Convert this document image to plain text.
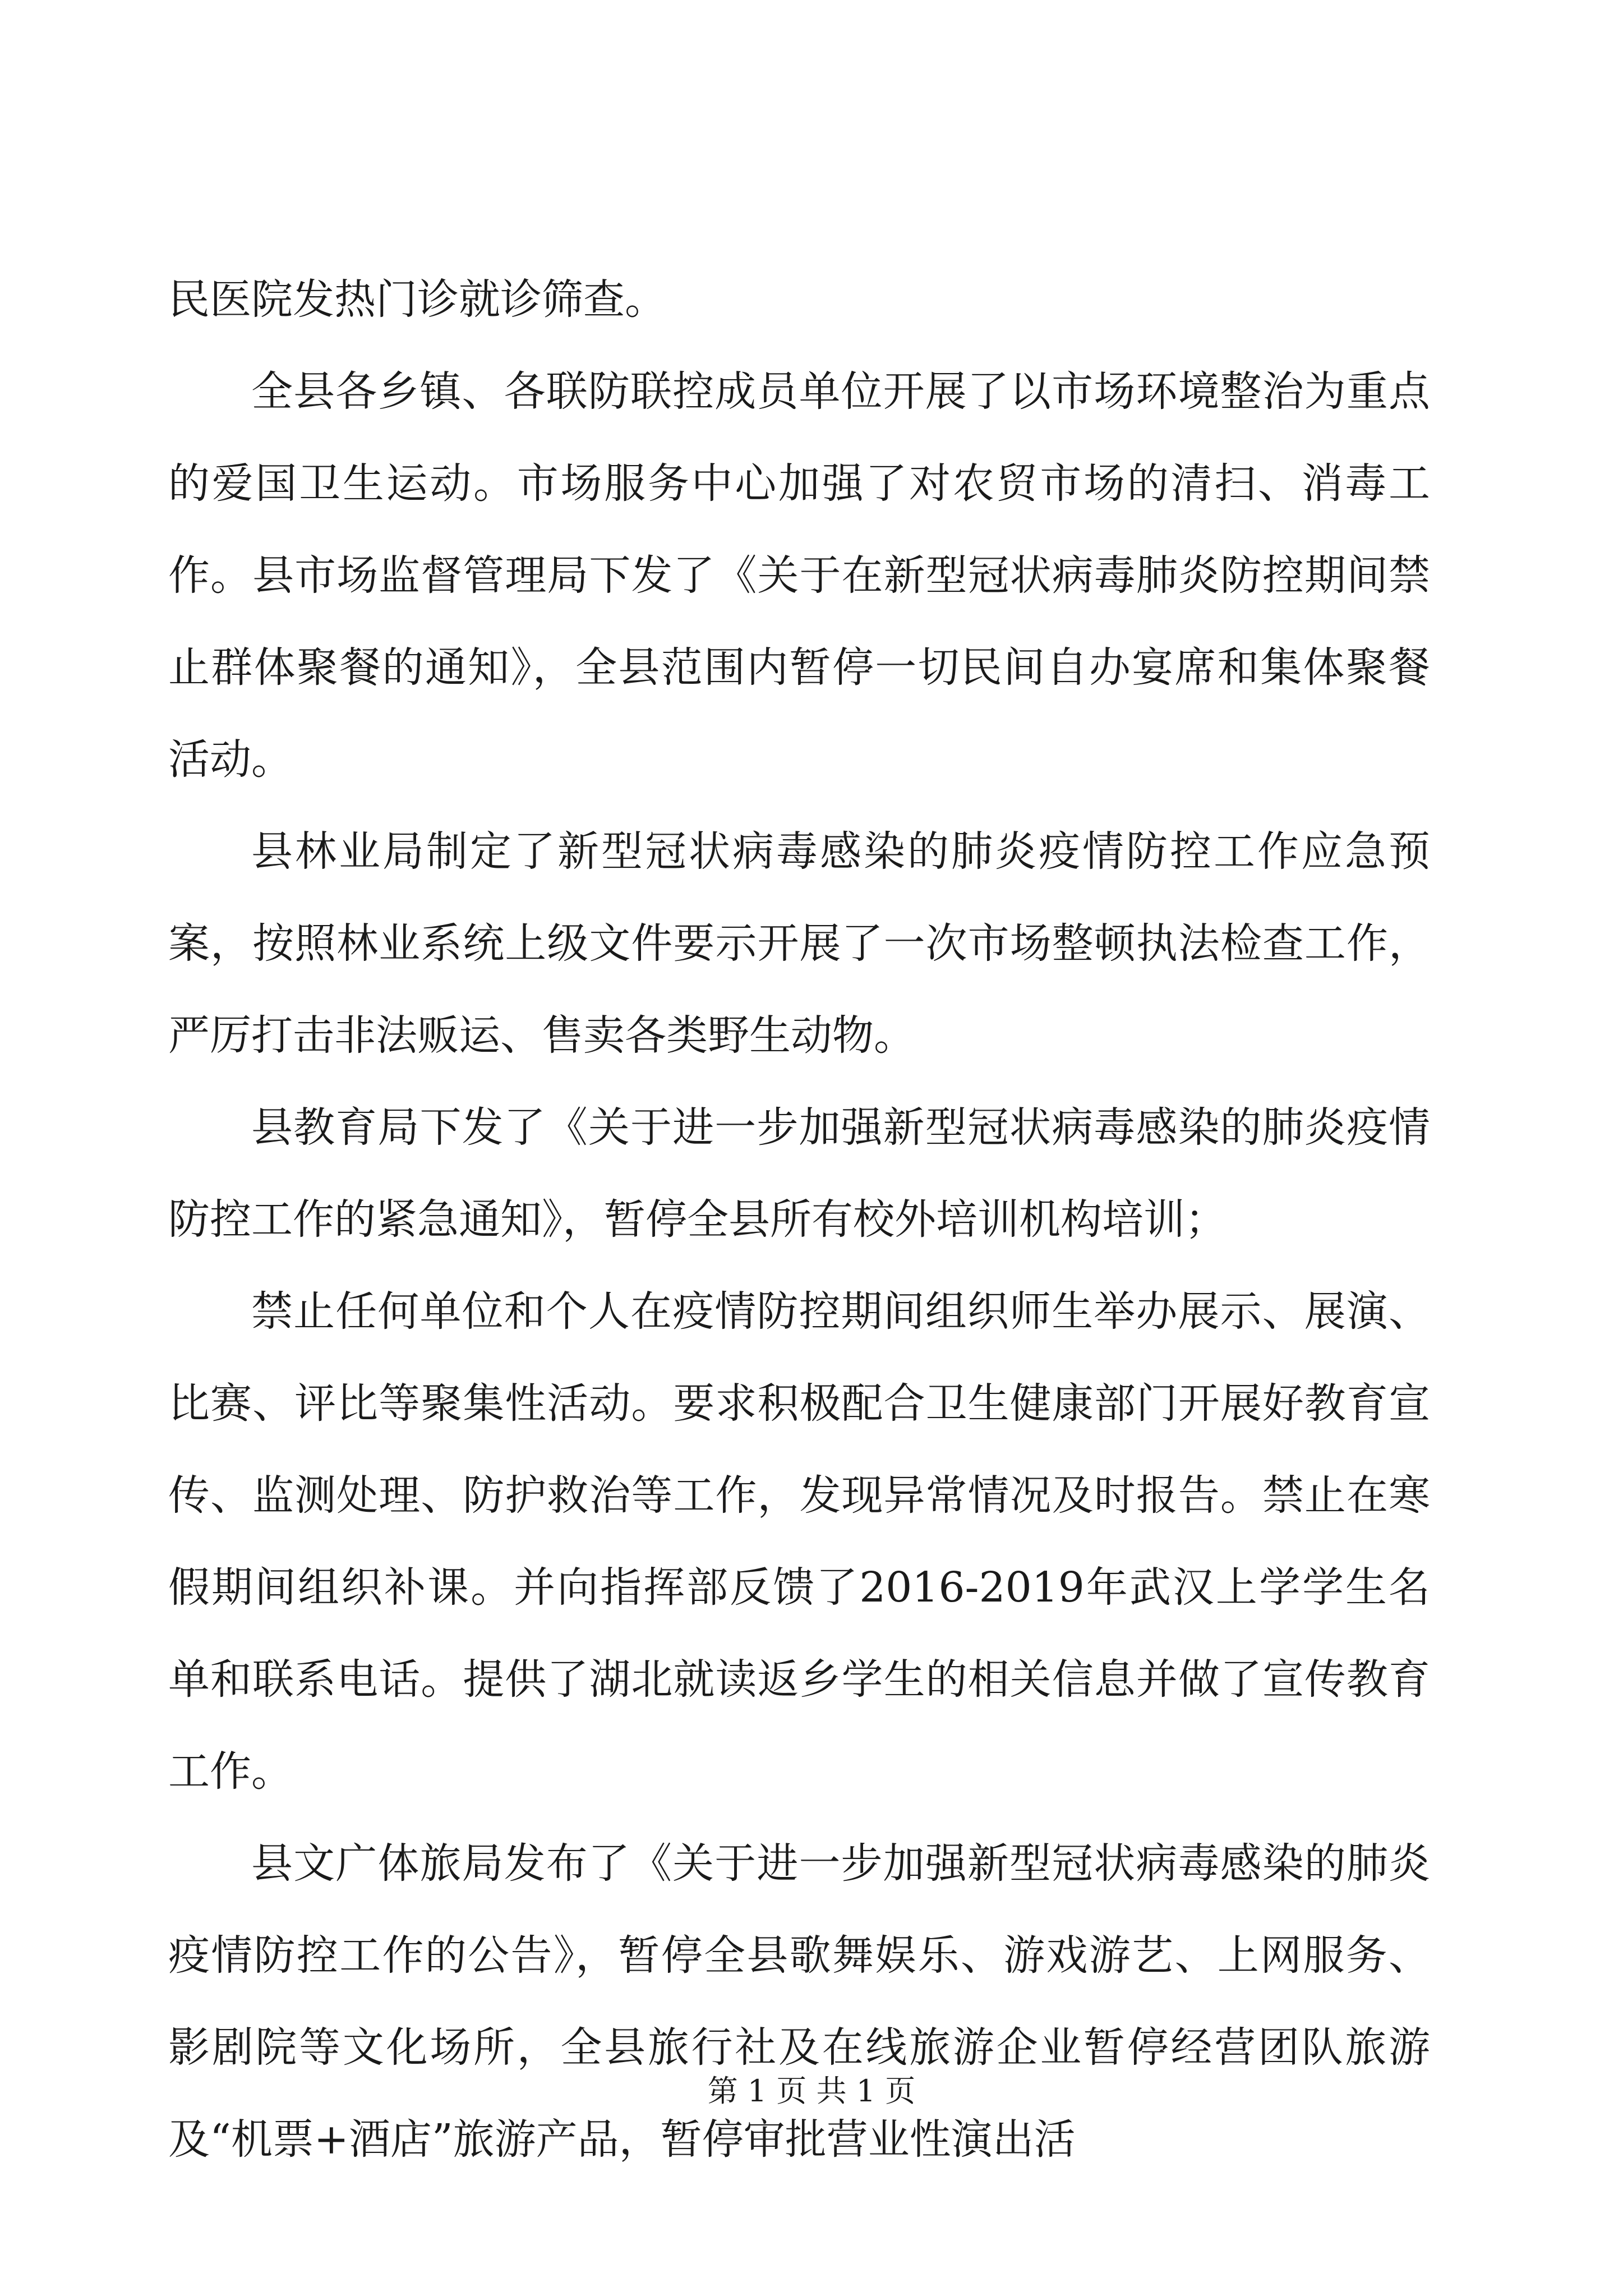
民医院发热门诊就诊筛查。

全县各乡镇、各联防联控成员单位开展了以市场环境整治为重点的爱国卫生运动。市场服务中心加强了对农贸市场的清扫、消毒工作。县市场监督管理局下发了《关于在新型冠状病毒肺炎防控期间禁止群体聚餐的通知》，全县范围内暂停一切民间自办宴席和集体聚餐活动。

县林业局制定了新型冠状病毒感染的肺炎疫情防控工作应急预案，按照林业系统上级文件要示开展了一次市场整顿执法检查工作，严厉打击非法贩运、售卖各类野生动物。

县教育局下发了《关于进一步加强新型冠状病毒感染的肺炎疫情防控工作的紧急通知》，暂停全县所有校外培训机构培训；

禁止任何单位和个人在疫情防控期间组织师生举办展示、展演、比赛、评比等聚集性活动。要求积极配合卫生健康部门开展好教育宣传、监测处理、防护救治等工作，发现异常情况及时报告。禁止在寒假期间组织补课。并向指挥部反馈了2016-2019年武汉上学学生名单和联系电话。提供了湖北就读返乡学生的相关信息并做了宣传教育工作。

县文广体旅局发布了《关于进一步加强新型冠状病毒感染的肺炎疫情防控工作的公告》，暂停全县歌舞娱乐、游戏游艺、上网服务、影剧院等文化场所，全县旅行社及在线旅游企业暂停经营团队旅游及“机票+酒店”旅游产品，暂停审批营业性演出活

第 1 页 共 1 页
